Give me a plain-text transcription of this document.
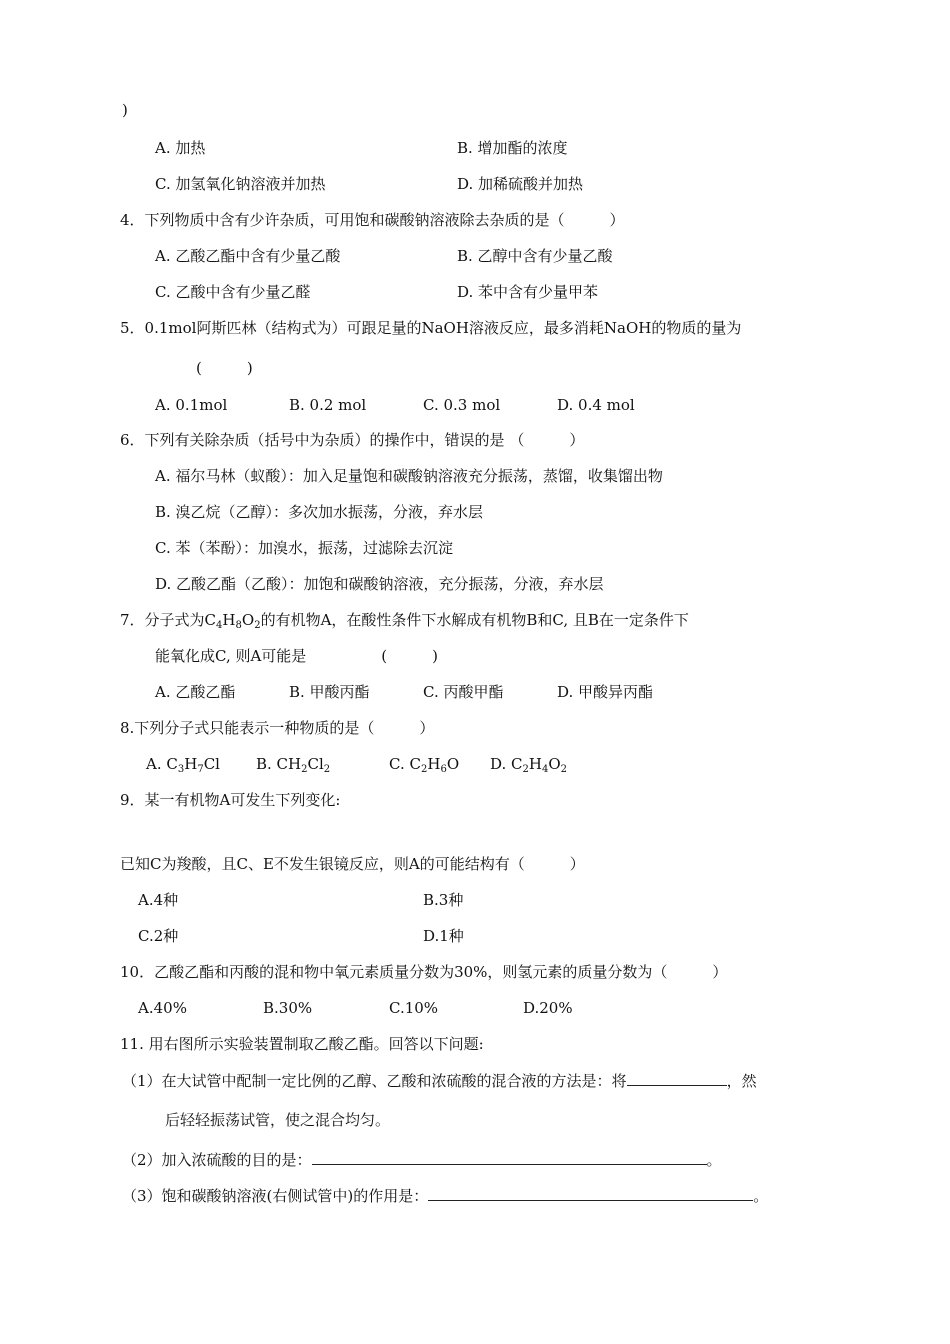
)
A. 加热	B. 增加酯的浓度
C. 加氢氧化钠溶液并加热	D. 加稀硫酸并加热
4．下列物质中含有少许杂质，可用饱和碳酸钠溶液除去杂质的是（　　　）
A. 乙酸乙酯中含有少量乙酸	B. 乙醇中含有少量乙酸
C. 乙酸中含有少量乙醛	D. 苯中含有少量甲苯
5．0.1mol阿斯匹林（结构式为）可跟足量的NaOH溶液反应，最多消耗NaOH的物质的量为
(　　　)
A. 0.1mol	B. 0.2 mol	C. 0.3 mol	D. 0.4 mol
6．下列有关除杂质（括号中为杂质）的操作中，错误的是 （　　　）
A. 福尔马林（蚁酸）：加入足量饱和碳酸钠溶液充分振荡，蒸馏，收集馏出物
B. 溴乙烷（乙醇）：多次加水振荡，分液，弃水层
C. 苯（苯酚）：加溴水，振荡，过滤除去沉淀
D. 乙酸乙酯（乙酸）：加饱和碳酸钠溶液，充分振荡，分液，弃水层
7．分子式为$C_4H_8O_2$的有机物A，在酸性条件下水解成有机物B和C, 且B在一定条件下
能氧化成C, 则A可能是　　　　　(　　　)
A. 乙酸乙酯	B. 甲酸丙酯	C. 丙酸甲酯	D. 甲酸异丙酯
8.下列分子式只能表示一种物质的是（　　　）
A. $C_3H_7Cl$ B. $CH_2Cl_2$	C. $C_2H_6O$ D. $C_2H_4O_2$
9．某一有机物A可发生下列变化:
已知C为羧酸，且C、E不发生银镜反应，则A的可能结构有（　　　）
A.4种	B.3种
C.2种	D.1种
10．乙酸乙酯和丙酸的混和物中氧元素质量分数为30%，则氢元素的质量分数为（　　　）
A.40%	B.30%	C.10%	D.20%
11. 用右图所示实验装置制取乙酸乙酯。回答以下问题:
（1）在大试管中配制一定比例的乙醇、乙酸和浓硫酸的混合液的方法是：将	，然
后轻轻振荡试管，使之混合均匀。
（2）加入浓硫酸的目的是：	。
（3）饱和碳酸钠溶液(右侧试管中)的作用是：	。
